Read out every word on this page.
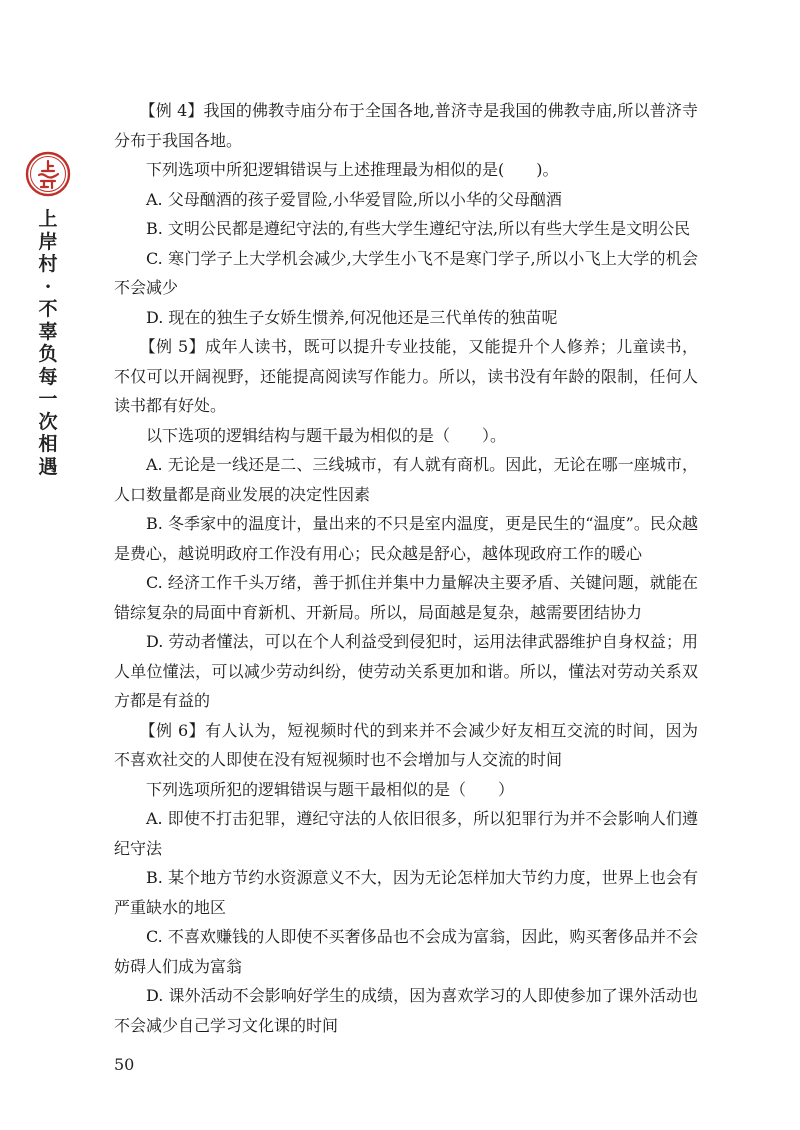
上岸村·不辜负每一次相遇

【例 4】我国的佛教寺庙分布于全国各地,普济寺是我国的佛教寺庙,所以普济寺分布于我国各地。

下列选项中所犯逻辑错误与上述推理最为相似的是(　　)。

A. 父母酗酒的孩子爱冒险,小华爱冒险,所以小华的父母酗酒

B. 文明公民都是遵纪守法的,有些大学生遵纪守法,所以有些大学生是文明公民

C. 寒门学子上大学机会减少,大学生小飞不是寒门学子,所以小飞上大学的机会不会减少

D. 现在的独生子女娇生惯养,何况他还是三代单传的独苗呢

【例 5】成年人读书，既可以提升专业技能，又能提升个人修养；儿童读书，不仅可以开阔视野，还能提高阅读写作能力。所以，读书没有年龄的限制，任何人读书都有好处。

以下选项的逻辑结构与题干最为相似的是（　　）。

A. 无论是一线还是二、三线城市，有人就有商机。因此，无论在哪一座城市，人口数量都是商业发展的决定性因素

B. 冬季家中的温度计，量出来的不只是室内温度，更是民生的“温度”。民众越是费心，越说明政府工作没有用心；民众越是舒心，越体现政府工作的暖心

C. 经济工作千头万绪，善于抓住并集中力量解决主要矛盾、关键问题，就能在错综复杂的局面中育新机、开新局。所以，局面越是复杂，越需要团结协力

D. 劳动者懂法，可以在个人利益受到侵犯时，运用法律武器维护自身权益；用人单位懂法，可以减少劳动纠纷，使劳动关系更加和谐。所以，懂法对劳动关系双方都是有益的

【例 6】有人认为，短视频时代的到来并不会减少好友相互交流的时间，因为不喜欢社交的人即使在没有短视频时也不会增加与人交流的时间

下列选项所犯的逻辑错误与题干最相似的是（　　）

A. 即使不打击犯罪，遵纪守法的人依旧很多，所以犯罪行为并不会影响人们遵纪守法

B. 某个地方节约水资源意义不大，因为无论怎样加大节约力度，世界上也会有严重缺水的地区

C. 不喜欢赚钱的人即使不买奢侈品也不会成为富翁，因此，购买奢侈品并不会妨碍人们成为富翁

D. 课外活动不会影响好学生的成绩，因为喜欢学习的人即使参加了课外活动也不会减少自己学习文化课的时间

50
